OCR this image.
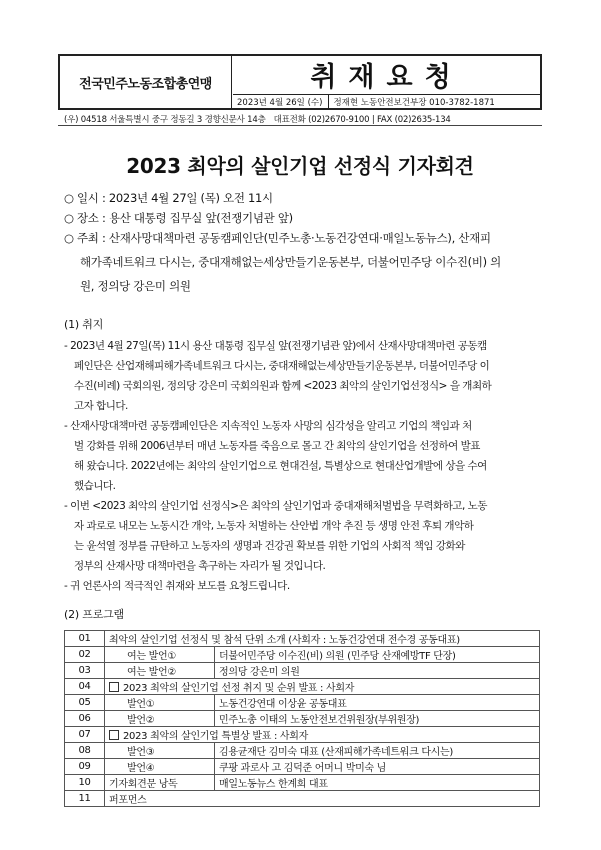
전국민주노동조합총연맹	취재요청
2023년 4월 26일 (수)	정재현 노동안전보건부장 010-3782-1871
(우) 04518 서울특별시 중구 정동길 3 경향신문사 14층 대표전화 (02)2670-9100 | FAX (02)2635-134
2023 최악의 살인기업 선정식 기자회견
○ 일시 : 2023년 4월 27일 (목) 오전 11시
○ 장소 : 용산 대통령 집무실 앞(전쟁기념관 앞)
○ 주최 : 산재사망대책마련 공동캠페인단(민주노총·노동건강연대·매일노동뉴스), 산재피
해가족네트워크 다시는, 중대재해없는세상만들기운동본부, 더불어민주당 이수진(비) 의
원, 정의당 강은미 의원
(1) 취지
- 2023년 4월 27일(목) 11시 용산 대통령 집무실 앞(전쟁기념관 앞)에서 산재사망대책마련 공동캠
페인단은 산업재해피해가족네트워크 다시는, 중대재해없는세상만들기운동본부, 더불어민주당 이
수진(비례) 국회의원, 정의당 강은미 국회의원과 함께 <2023 최악의 살인기업선정식> 을 개최하
고자 합니다.
- 산재사망대책마련 공동캠페인단은 지속적인 노동자 사망의 심각성을 알리고 기업의 책임과 처
벌 강화를 위해 2006년부터 매년 노동자를 죽음으로 몰고 간 최악의 살인기업을 선정하여 발표
해 왔습니다. 2022년에는 최악의 살인기업으로 현대건설, 특별상으로 현대산업개발에 상을 수여
했습니다.
- 이번 <2023 최악의 살인기업 선정식>은 최악의 살인기업과 중대재해처벌법을 무력화하고, 노동
자 과로로 내모는 노동시간 개악, 노동자 처벌하는 산안법 개악 추진 등 생명 안전 후퇴 개악하
는 윤석열 정부를 규탄하고 노동자의 생명과 건강권 확보를 위한 기업의 사회적 책임 강화와
정부의 산재사망 대책마련을 촉구하는 자리가 될 것입니다.
- 귀 언론사의 적극적인 취재와 보도를 요청드립니다.
(2) 프로그램
01	최악의 살인기업 선정식 및 참석 단위 소개 (사회자 : 노동건강연대 전수경 공동대표)	
02	여는 발언①	더불어민주당 이수진(비) 의원 (민주당 산재예방TF 단장)
03	여는 발언②	정의당 강은미 의원
04	2023 최악의 살인기업 선정 취지 및 순위 발표 : 사회자	
05	발언①	노동건강연대 이상윤 공동대표
06	발언②	민주노총 이태의 노동안전보건위원장(부위원장)
07	2023 최악의 살인기업 특별상 발표 : 사회자	
08	발언③	김용균재단 김미숙 대표 (산재피해가족네트워크 다시는)
09	발언④	쿠팡 과로사 고 김덕준 어머니 박미숙 님
10	기자회견문 낭독	매일노동뉴스 한계희 대표
11	퍼포먼스	
